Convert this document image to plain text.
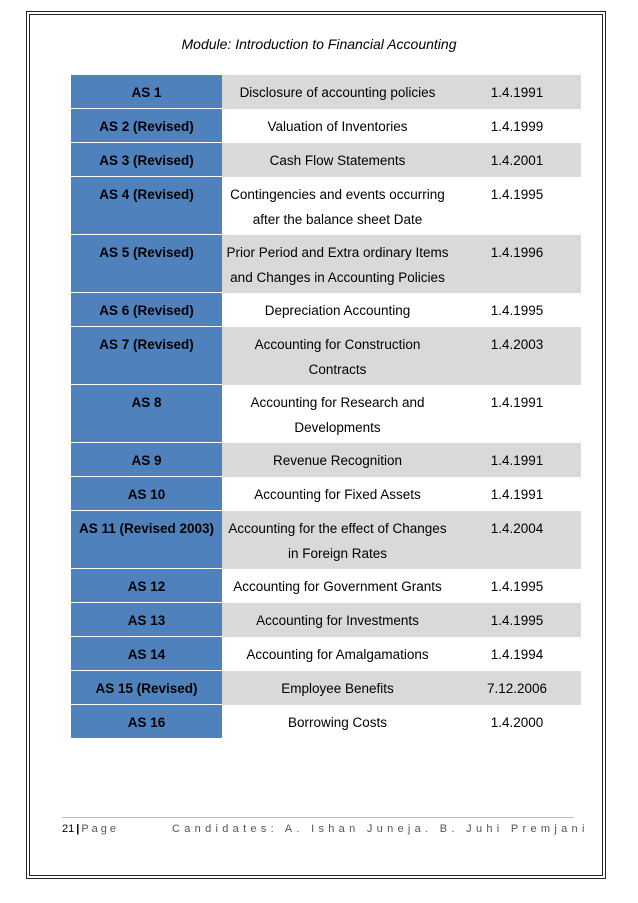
Module: Introduction to Financial Accounting
AS 1	Disclosure of accounting policies	1.4.1991
AS 2 (Revised)	Valuation of Inventories	1.4.1999
AS 3 (Revised)	Cash Flow Statements	1.4.2001
AS 4 (Revised)	Contingencies and events occurring after the balance sheet Date	1.4.1995
AS 5 (Revised)	Prior Period and Extra ordinary Items and Changes in Accounting Policies	1.4.1996
AS 6 (Revised)	Depreciation Accounting	1.4.1995
AS 7 (Revised)	Accounting for Construction Contracts	1.4.2003
AS 8	Accounting for Research and Developments	1.4.1991
AS 9	Revenue Recognition	1.4.1991
AS 10	Accounting for Fixed Assets	1.4.1991
AS 11 (Revised 2003)	Accounting for the effect of Changes in Foreign Rates	1.4.2004
AS 12	Accounting for Government Grants	1.4.1995
AS 13	Accounting for Investments	1.4.1995
AS 14	Accounting for Amalgamations	1.4.1994
AS 15 (Revised)	Employee Benefits	7.12.2006
AS 16	Borrowing Costs	1.4.2000
21 | Page	Candidates: A. Ishan Juneja. B. Juhi Premjani
